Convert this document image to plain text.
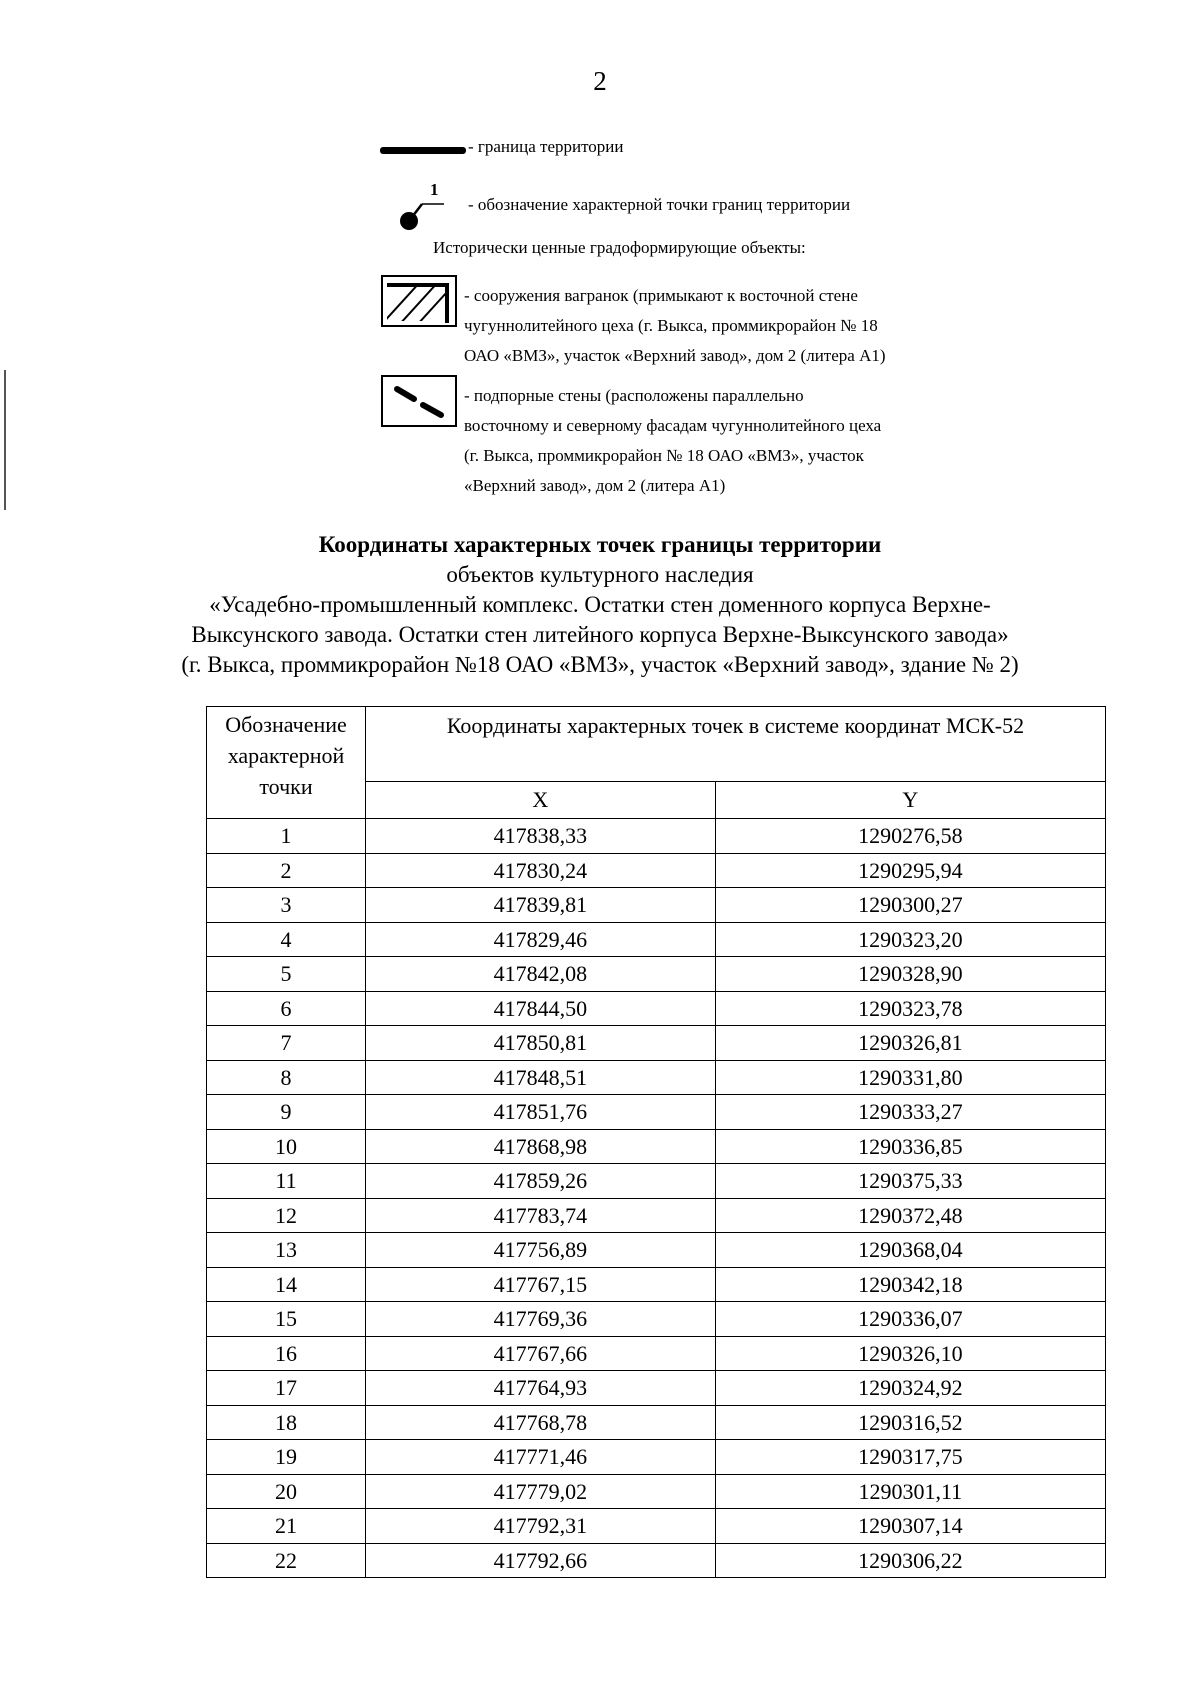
2
- граница территории
1
- обозначение характерной точки границ территории
Исторически ценные градоформирующие объекты:
- сооружения вагранок (примыкают к восточной стене
чугуннолитейного цеха (г. Выкса, проммикрорайон № 18
ОАО «ВМЗ», участок «Верхний завод», дом 2 (литера А1)
- подпорные стены (расположены параллельно
восточному и северному фасадам чугуннолитейного цеха
(г. Выкса, проммикрорайон № 18 ОАО «ВМЗ», участок
«Верхний завод», дом 2 (литера А1)
Координаты характерных точек границы территории
объектов культурного наследия
«Усадебно-промышленный комплекс. Остатки стен доменного корпуса Верхне-
Выксунского завода. Остатки стен литейного корпуса Верхне-Выксунского завода»
(г. Выкса, проммикрорайон №18 ОАО «ВМЗ», участок «Верхний завод», здание № 2)
Обозначение характерной точки	Координаты характерных точек в системе координат МСК-52	
	X	Y
1	417838,33	1290276,58
2	417830,24	1290295,94
3	417839,81	1290300,27
4	417829,46	1290323,20
5	417842,08	1290328,90
6	417844,50	1290323,78
7	417850,81	1290326,81
8	417848,51	1290331,80
9	417851,76	1290333,27
10	417868,98	1290336,85
11	417859,26	1290375,33
12	417783,74	1290372,48
13	417756,89	1290368,04
14	417767,15	1290342,18
15	417769,36	1290336,07
16	417767,66	1290326,10
17	417764,93	1290324,92
18	417768,78	1290316,52
19	417771,46	1290317,75
20	417779,02	1290301,11
21	417792,31	1290307,14
22	417792,66	1290306,22
